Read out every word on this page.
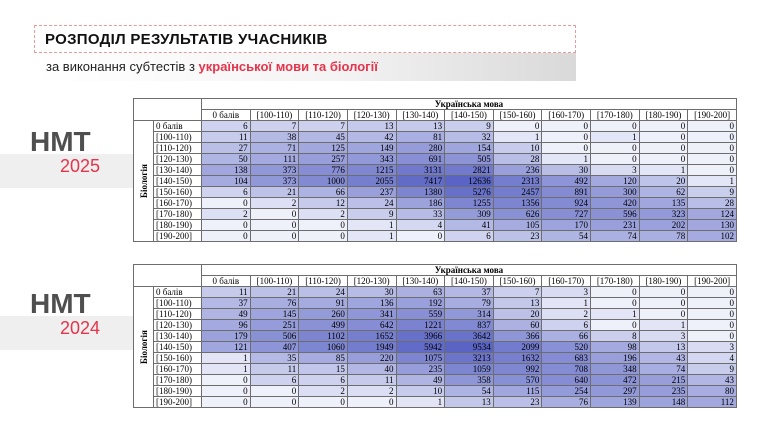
РОЗПОДІЛ РЕЗУЛЬТАТІВ УЧАСНИКІВ
за виконання субтестів з української мови та біології
НМТ
2025
НМТ
2024
		Українська мова										
		0 балів	[100-110)	[110-120)	[120-130)	[130-140)	[140-150)	[150-160)	[160-170)	[170-180)	[180-190)	[190-200]
Біологія	0 балів	6	7	7	13	13	9	0	0	0	0	0
	[100-110)	11	38	45	42	81	32	1	0	1	0	0
	[110-120)	27	71	125	149	280	154	10	0	0	0	0
	[120-130)	50	111	257	343	691	505	28	1	0	0	0
	[130-140)	138	373	776	1215	3131	2821	236	30	3	1	0
	[140-150)	104	373	1000	2055	7417	12636	2313	492	120	20	1
	[150-160)	6	21	66	237	1380	5276	2457	891	300	62	9
	[160-170)	0	2	12	24	186	1255	1356	924	420	135	28
	[170-180)	2	0	2	9	33	309	626	727	596	323	124
	[180-190)	0	0	0	1	4	41	105	170	231	202	130
	[190-200]	0	0	0	1	0	6	23	54	74	78	102
		Українська мова										
		0 балів	[100-110)	[110-120)	[120-130)	[130-140)	[140-150)	[150-160)	[160-170)	[170-180)	[180-190)	[190-200]
Біологія	0 балів	11	21	24	30	63	37	7	3	0	0	0
	[100-110)	37	76	91	136	192	79	13	1	0	0	0
	[110-120)	49	145	260	341	559	314	20	2	1	0	0
	[120-130)	96	251	499	642	1221	837	60	6	0	1	0
	[130-140)	179	506	1102	1652	3966	3642	366	66	8	3	0
	[140-150)	121	407	1060	1949	5942	9534	2099	520	98	13	3
	[150-160)	1	35	85	220	1075	3213	1632	683	196	43	4
	[160-170)	1	11	15	40	235	1059	992	708	348	74	9
	[170-180)	0	6	6	11	49	358	570	640	472	215	43
	[180-190)	0	0	2	2	10	54	115	254	297	235	80
	[190-200]	0	0	0	0	1	13	23	76	139	148	112
